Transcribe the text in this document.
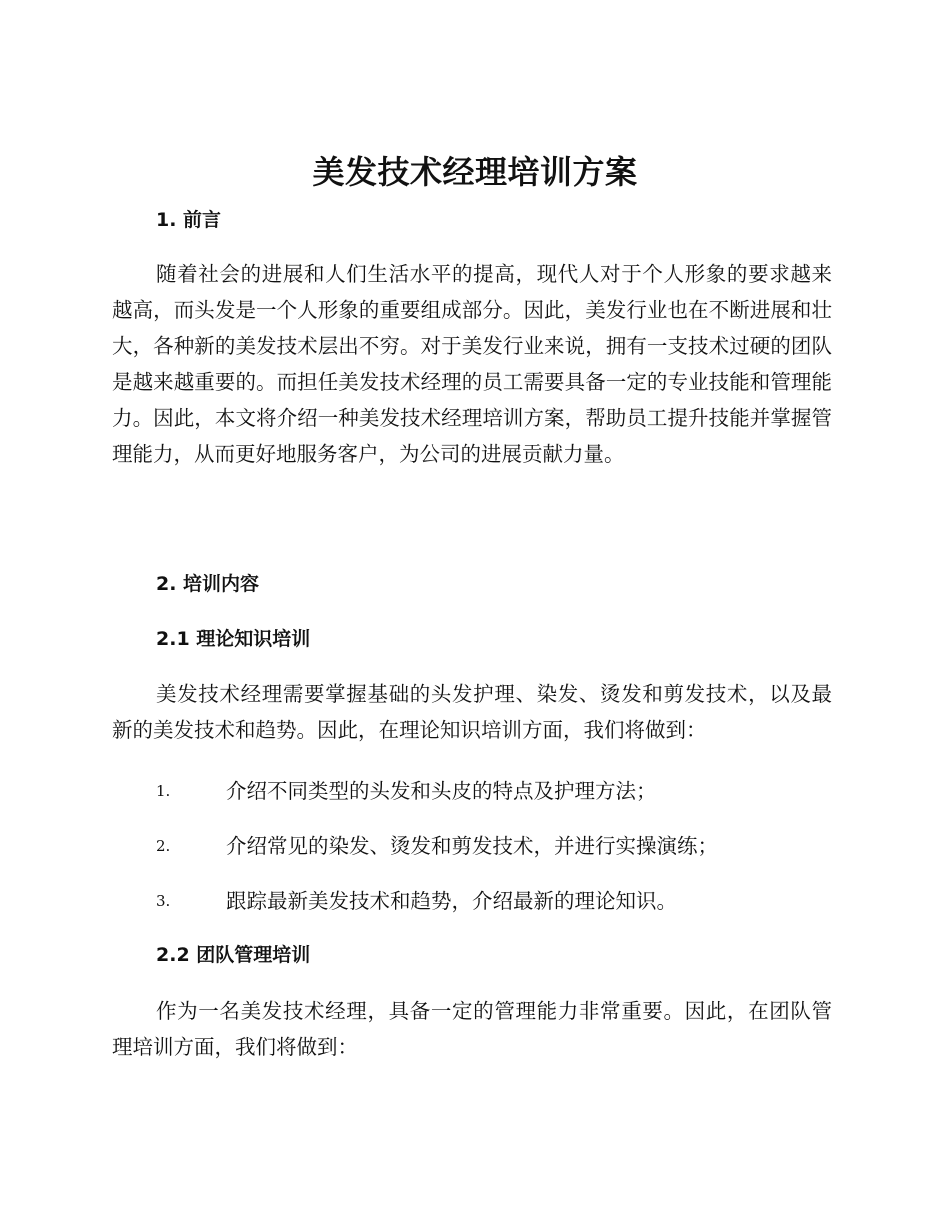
美发技术经理培训方案
1. 前言

随着社会的进展和人们生活水平的提高，现代人对于个人形象的要求越来越高，而头发是一个人形象的重要组成部分。因此，美发行业也在不断进展和壮大，各种新的美发技术层出不穷。对于美发行业来说，拥有一支技术过硬的团队是越来越重要的。而担任美发技术经理的员工需要具备一定的专业技能和管理能力。因此，本文将介绍一种美发技术经理培训方案，帮助员工提升技能并掌握管理能力，从而更好地服务客户，为公司的进展贡献力量。

2. 培训内容
2.1 理论知识培训

美发技术经理需要掌握基础的头发护理、染发、烫发和剪发技术，以及最新的美发技术和趋势。因此，在理论知识培训方面，我们将做到：

1.	介绍不同类型的头发和头皮的特点及护理方法；
2.	介绍常见的染发、烫发和剪发技术，并进行实操演练；
3.	跟踪最新美发技术和趋势，介绍最新的理论知识。
2.2 团队管理培训

作为一名美发技术经理，具备一定的管理能力非常重要。因此，在团队管理培训方面，我们将做到：
